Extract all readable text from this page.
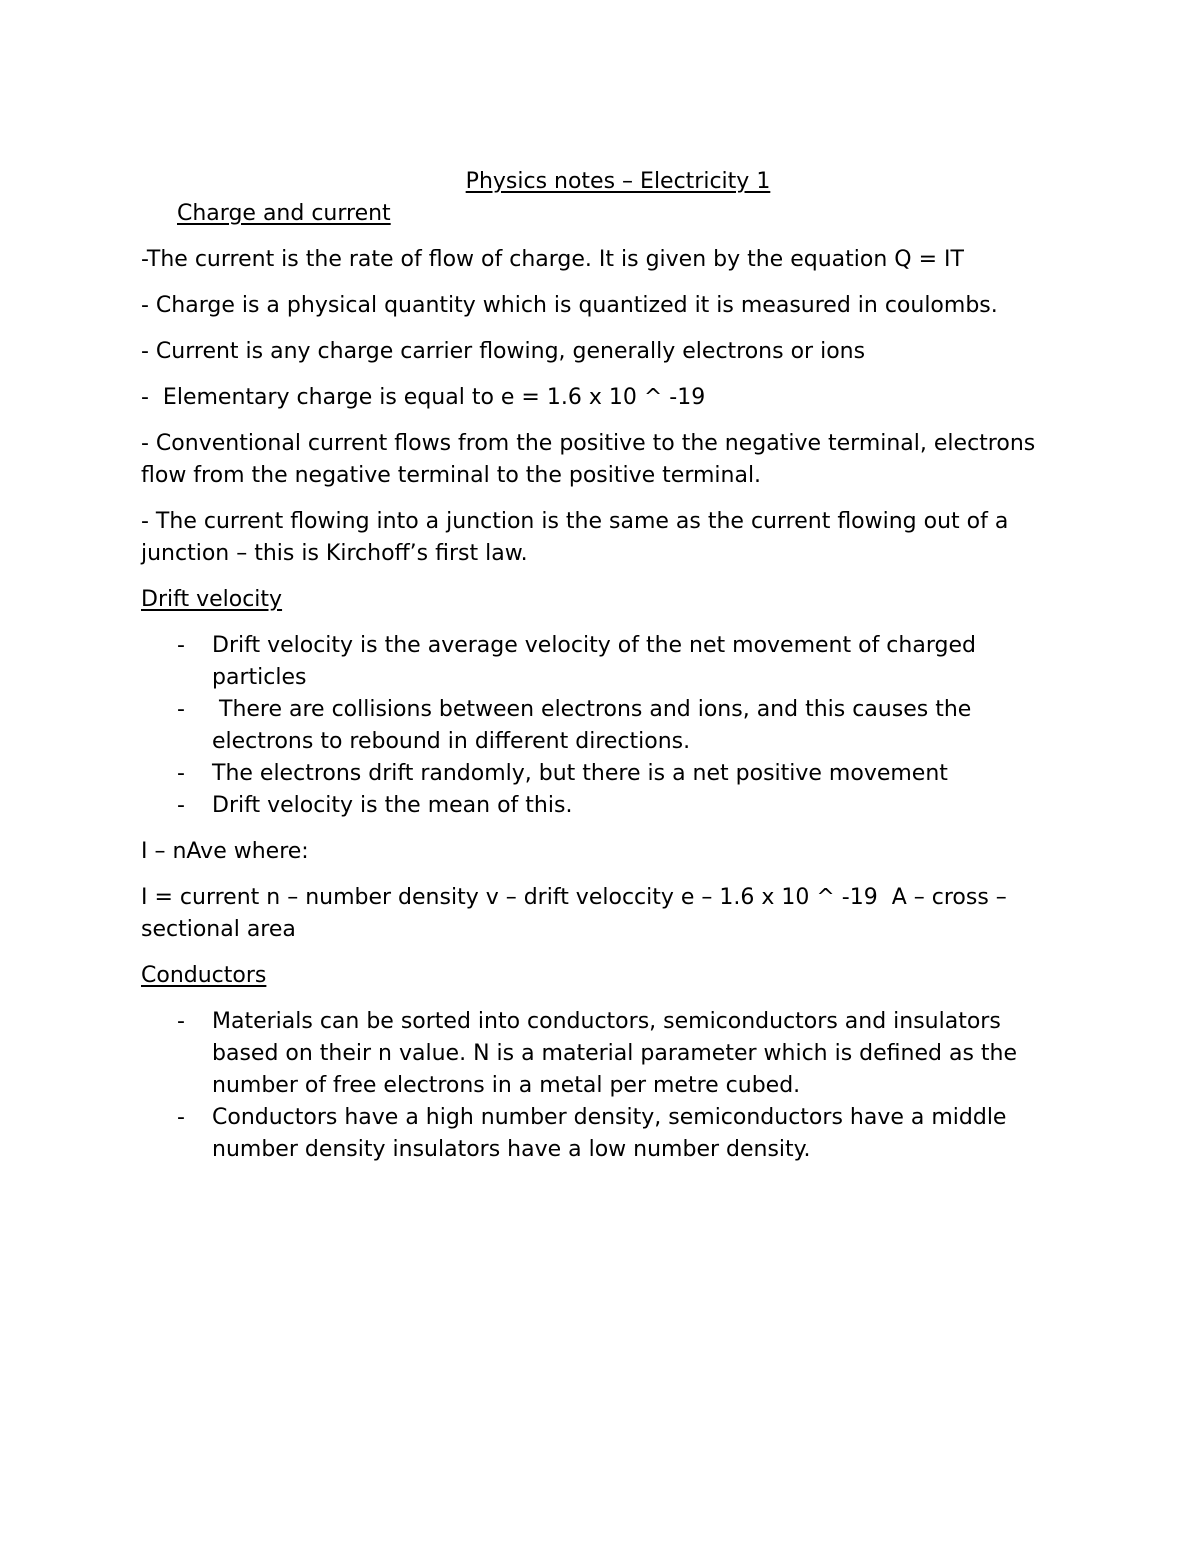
Physics notes – Electricity 1

Charge and current

-The current is the rate of flow of charge. It is given by the equation Q = IT

- Charge is a physical quantity which is quantized it is measured in coulombs.

- Current is any charge carrier flowing, generally electrons or ions

-  Elementary charge is equal to e = 1.6 x 10 ^ -19

- Conventional current flows from the positive to the negative terminal, electrons flow from the negative terminal to the positive terminal.

- The current flowing into a junction is the same as the current flowing out of a junction – this is Kirchoff’s first law.

Drift velocity

- Drift velocity is the average velocity of the net movement of charged particles
- There are collisions between electrons and ions, and this causes the electrons to rebound in different directions.
- The electrons drift randomly, but there is a net positive movement
- Drift velocity is the mean of this.

I – nAve where:

I = current n – number density v – drift veloccity e – 1.6 x 10 ^ -19  A – cross – sectional area

Conductors

- Materials can be sorted into conductors, semiconductors and insulators based on their n value. N is a material parameter which is defined as the number of free electrons in a metal per metre cubed.
- Conductors have a high number density, semiconductors have a middle number density insulators have a low number density.
